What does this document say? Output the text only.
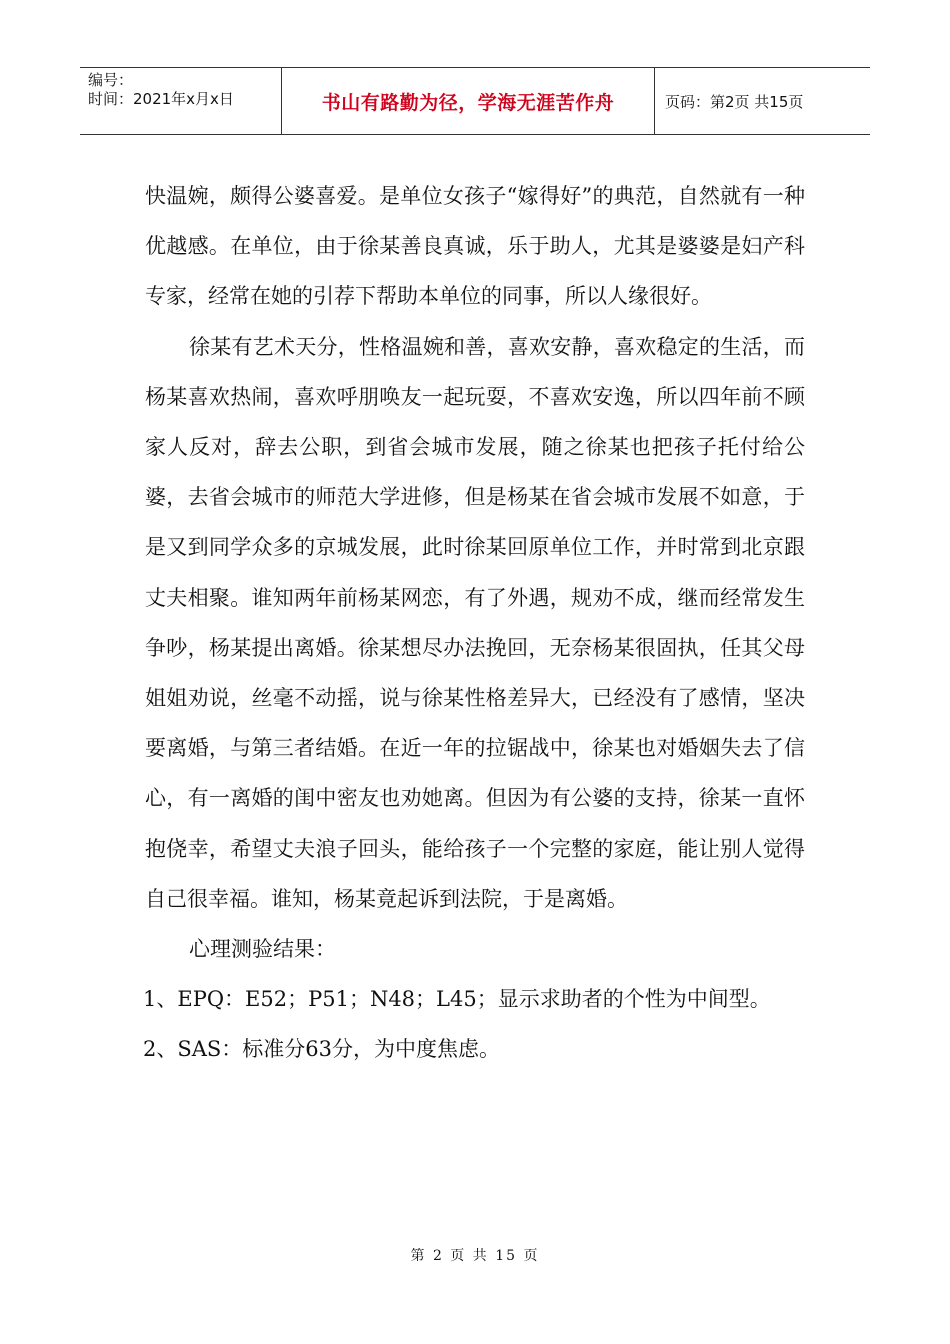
编号：
时间：2021年x月x日	书山有路勤为径，学海无涯苦作舟	页码：第2页 共15页

快温婉，颇得公婆喜爱。是单位女孩子“嫁得好”的典范，自然就有一种优越感。在单位，由于徐某善良真诚，乐于助人，尤其是婆婆是妇产科专家，经常在她的引荐下帮助本单位的同事，所以人缘很好。

徐某有艺术天分，性格温婉和善，喜欢安静，喜欢稳定的生活，而杨某喜欢热闹，喜欢呼朋唤友一起玩耍，不喜欢安逸，所以四年前不顾家人反对，辞去公职，到省会城市发展，随之徐某也把孩子托付给公婆，去省会城市的师范大学进修，但是杨某在省会城市发展不如意，于是又到同学众多的京城发展，此时徐某回原单位工作，并时常到北京跟丈夫相聚。谁知两年前杨某网恋，有了外遇，规劝不成，继而经常发生争吵，杨某提出离婚。徐某想尽办法挽回，无奈杨某很固执，任其父母姐姐劝说，丝毫不动摇，说与徐某性格差异大，已经没有了感情，坚决要离婚，与第三者结婚。在近一年的拉锯战中，徐某也对婚姻失去了信心，有一离婚的闺中密友也劝她离。但因为有公婆的支持，徐某一直怀抱侥幸，希望丈夫浪子回头，能给孩子一个完整的家庭，能让别人觉得自己很幸福。谁知，杨某竟起诉到法院，于是离婚。

心理测验结果：

1、EPQ：E52；P51；N48；L45；显示求助者的个性为中间型。

2、SAS：标准分63分，为中度焦虑。

第 2 页 共 15 页
